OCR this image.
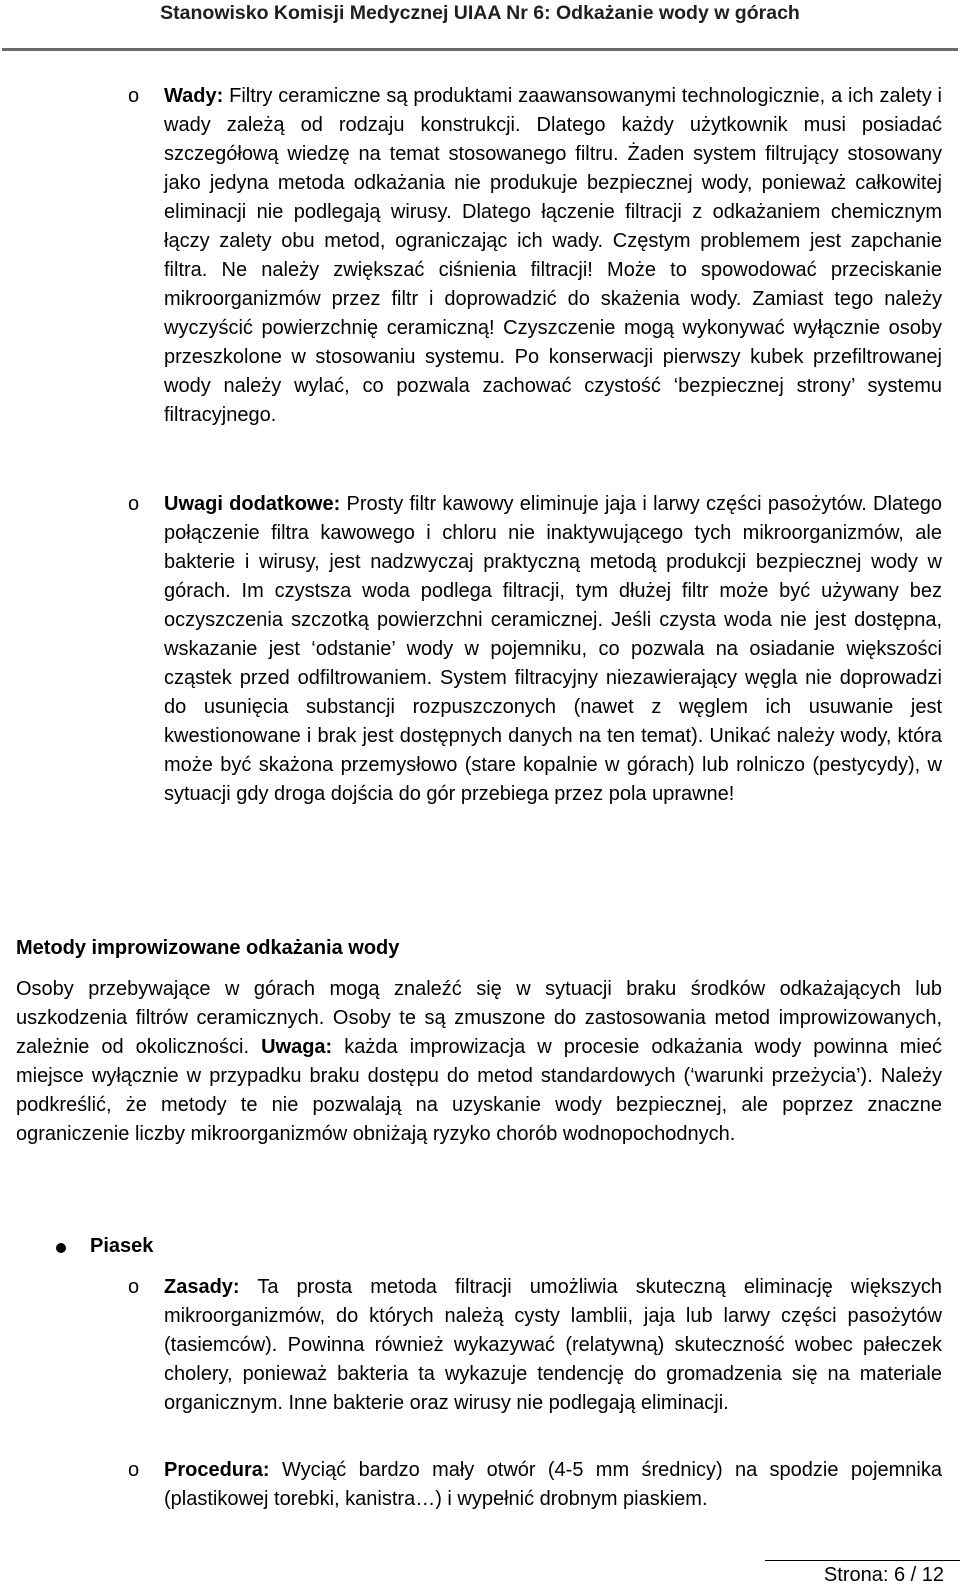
Stanowisko Komisji Medycznej UIAA Nr 6: Odkażanie wody w górach
o Wady: Filtry ceramiczne są produktami zaawansowanymi technologicznie, a ich zalety i wady zależą od rodzaju konstrukcji. Dlatego każdy użytkownik musi posiadać szczegółową wiedzę na temat stosowanego filtru. Żaden system filtrujący stosowany jako jedyna metoda odkażania nie produkuje bezpiecznej wody, ponieważ całkowitej eliminacji nie podlegają wirusy. Dlatego łączenie filtracji z odkażaniem chemicznym łączy zalety obu metod, ograniczając ich wady. Częstym problemem jest zapchanie filtra. Ne należy zwiększać ciśnienia filtracji! Może to spowodować przeciskanie mikroorganizmów przez filtr i doprowadzić do skażenia wody. Zamiast tego należy wyczyścić powierzchnię ceramiczną! Czyszczenie mogą wykonywać wyłącznie osoby przeszkolone w stosowaniu systemu. Po konserwacji pierwszy kubek przefiltrowanej wody należy wylać, co pozwala zachować czystość ‘bezpiecznej strony’ systemu filtracyjnego.

o Uwagi dodatkowe: Prosty filtr kawowy eliminuje jaja i larwy części pasożytów. Dlatego połączenie filtra kawowego i chloru nie inaktywującego tych mikroorganizmów, ale bakterie i wirusy, jest nadzwyczaj praktyczną metodą produkcji bezpiecznej wody w górach. Im czystsza woda podlega filtracji, tym dłużej filtr może być używany bez oczyszczenia szczotką powierzchni ceramicznej. Jeśli czysta woda nie jest dostępna, wskazanie jest ‘odstanie’ wody w pojemniku, co pozwala na osiadanie większości cząstek przed odfiltrowaniem. System filtracyjny niezawierający węgla nie doprowadzi do usunięcia substancji rozpuszczonych (nawet z węglem ich usuwanie jest kwestionowane i brak jest dostępnych danych na ten temat). Unikać należy wody, która może być skażona przemysłowo (stare kopalnie w górach) lub rolniczo (pestycydy), w sytuacji gdy droga dojścia do gór przebiega przez pola uprawne!

Metody improwizowane odkażania wody

Osoby przebywające w górach mogą znaleźć się w sytuacji braku środków odkażających lub uszkodzenia filtrów ceramicznych. Osoby te są zmuszone do zastosowania metod improwizowanych, zależnie od okoliczności. Uwaga: każda improwizacja w procesie odkażania wody powinna mieć miejsce wyłącznie w przypadku braku dostępu do metod standardowych (‘warunki przeżycia’). Należy podkreślić, że metody te nie pozwalają na uzyskanie wody bezpiecznej, ale poprzez znaczne ograniczenie liczby mikroorganizmów obniżają ryzyko chorób wodnopochodnych.

Piasek
o Zasady: Ta prosta metoda filtracji umożliwia skuteczną eliminację większych mikroorganizmów, do których należą cysty lamblii, jaja lub larwy części pasożytów (tasiemców). Powinna również wykazywać (relatywną) skuteczność wobec pałeczek cholery, ponieważ bakteria ta wykazuje tendencję do gromadzenia się na materiale organicznym. Inne bakterie oraz wirusy nie podlegają eliminacji.

o Procedura: Wyciąć bardzo mały otwór (4-5 mm średnicy) na spodzie pojemnika (plastikowej torebki, kanistra…) i wypełnić drobnym piaskiem.

Strona: 6 / 12
